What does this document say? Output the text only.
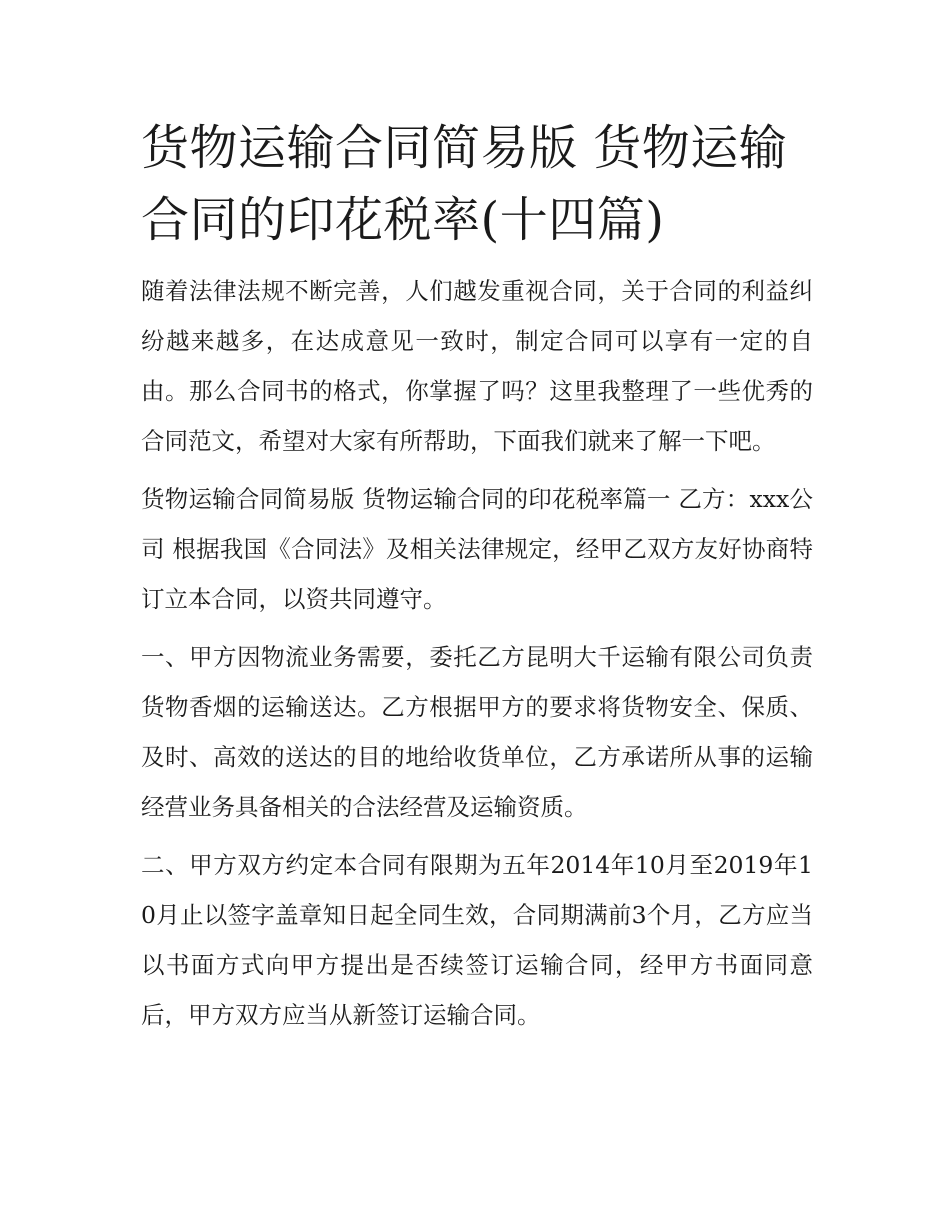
货物运输合同简易版 货物运输合同的印花税率(十四篇)

随着法律法规不断完善，人们越发重视合同，关于合同的利益纠纷越来越多，在达成意见一致时，制定合同可以享有一定的自由。那么合同书的格式，你掌握了吗？这里我整理了一些优秀的合同范文，希望对大家有所帮助，下面我们就来了解一下吧。

货物运输合同简易版 货物运输合同的印花税率篇一 乙方：xxx公司 根据我国《合同法》及相关法律规定，经甲乙双方友好协商特订立本合同，以资共同遵守。

一、甲方因物流业务需要，委托乙方昆明大千运输有限公司负责货物香烟的运输送达。乙方根据甲方的要求将货物安全、保质、及时、高效的送达的目的地给收货单位，乙方承诺所从事的运输经营业务具备相关的合法经营及运输资质。

二、甲方双方约定本合同有限期为五年2014年10月至2019年10月止以签字盖章知日起全同生效，合同期满前3个月，乙方应当以书面方式向甲方提出是否续签订运输合同，经甲方书面同意后，甲方双方应当从新签订运输合同。
